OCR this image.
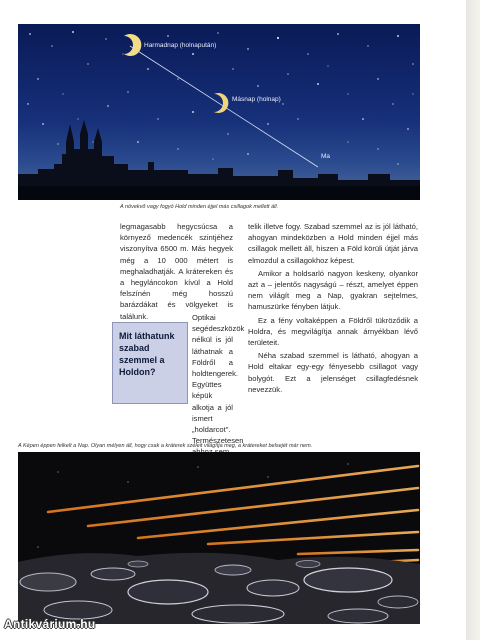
Harmadnap (holnapután)
Másnap (holnap)
Ma
A növekvő vagy fogyó Hold minden éjjel más csillagok mellett áll.

legmagasabb hegycsúcsa a környező medencék szintjéhez viszonyítva 6500 m. Más hegyek még a 10 000 métert is meghaladhatják. A krátereken és a hegyláncokon kívül a Hold felszínén még hosszú barázdákat és völgyeket is találunk.	Optikai segédeszközök nélkül is jól láthatnak a Földről a holdtengerek. Együttes képük alkotja a jól ismert „holdarcot". Természetesen

Mit láthatunk szabad szemmel a Holdon?

telik illetve fogy. Szabad szemmel az is jól látható, ahogyan mindeközben a Hold minden éjjel más csillagok mellett áll, hiszen a Föld körüli útját járva elmozdul a csillagokhoz képest.

Amikor a holdsarló nagyon keskeny, olyankor azt a – jelentős nagyságú – részt, amelyet éppen nem világít meg a Nap, gyakran sejtelmes, hamuszürke fényben látjuk.

Ez a fény voltaképpen a Földről tükröződik a Holdra, és megvilágítja annak árnyékban lévő területeit.

Néha szabad szemmel is látható, ahogyan a Hold eltakar egy-egy fényesebb csillagot vagy bolygót. Ezt a jelenséget csillagfedésnek nevezzük.

A Képen éppen felkelt a Nap. Olyan mélyen áll, hogy csak a kráterek széleit világítja meg, a krátereket belsejét már nem.
Antikvárium.hu
